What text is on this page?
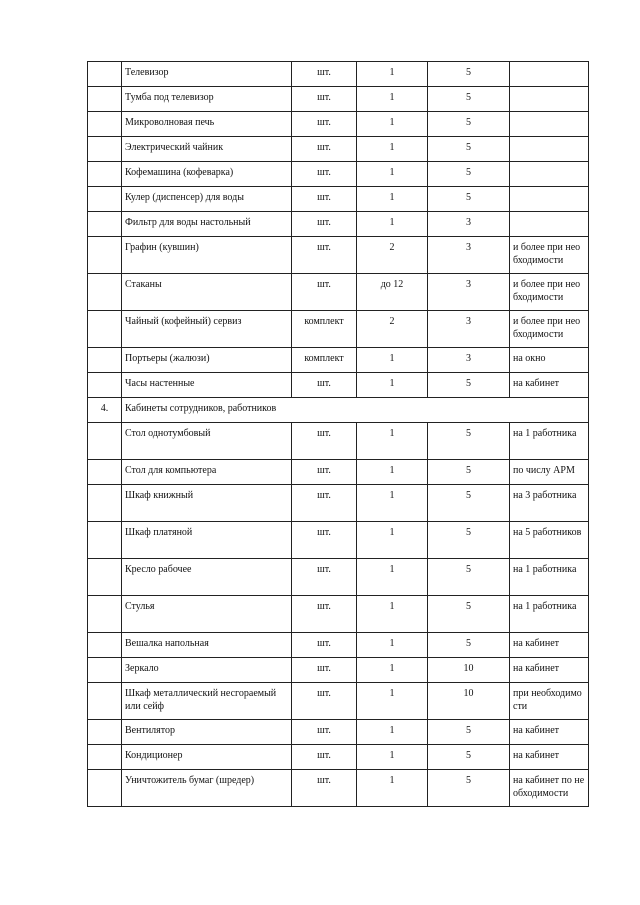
	Телевизор	шт.	1	5	
	Тумба под телевизор	шт.	1	5	
	Микроволновая печь	шт.	1	5	
	Электрический чайник	шт.	1	5	
	Кофемашина (кофеварка)	шт.	1	5	
	Кулер (диспенсер) для воды	шт.	1	5	
	Фильтр для воды настольный	шт.	1	3	
	Графин (кувшин)	шт.	2	3	и более при необходимости
	Стаканы	шт.	до 12	3	и более при необходимости
	Чайный (кофейный) сервиз	комплект	2	3	и более при необходимости
	Портьеры (жалюзи)	комплект	1	3	на окно
	Часы настенные	шт.	1	5	на кабинет
4.	Кабинеты сотрудников, работников				
	Стол однотумбовый	шт.	1	5	на 1 работника
	Стол для компьютера	шт.	1	5	по числу АРМ
	Шкаф книжный	шт.	1	5	на 3 работника
	Шкаф платяной	шт.	1	5	на 5 работников
	Кресло рабочее	шт.	1	5	на 1 работника
	Стулья	шт.	1	5	на 1 работника
	Вешалка напольная	шт.	1	5	на кабинет
	Зеркало	шт.	1	10	на кабинет
	Шкаф металлический несгораемый или сейф	шт.	1	10	при необходимости
	Вентилятор	шт.	1	5	на кабинет
	Кондиционер	шт.	1	5	на кабинет
	Уничтожитель бумаг (шредер)	шт.	1	5	на кабинет по необходимости
